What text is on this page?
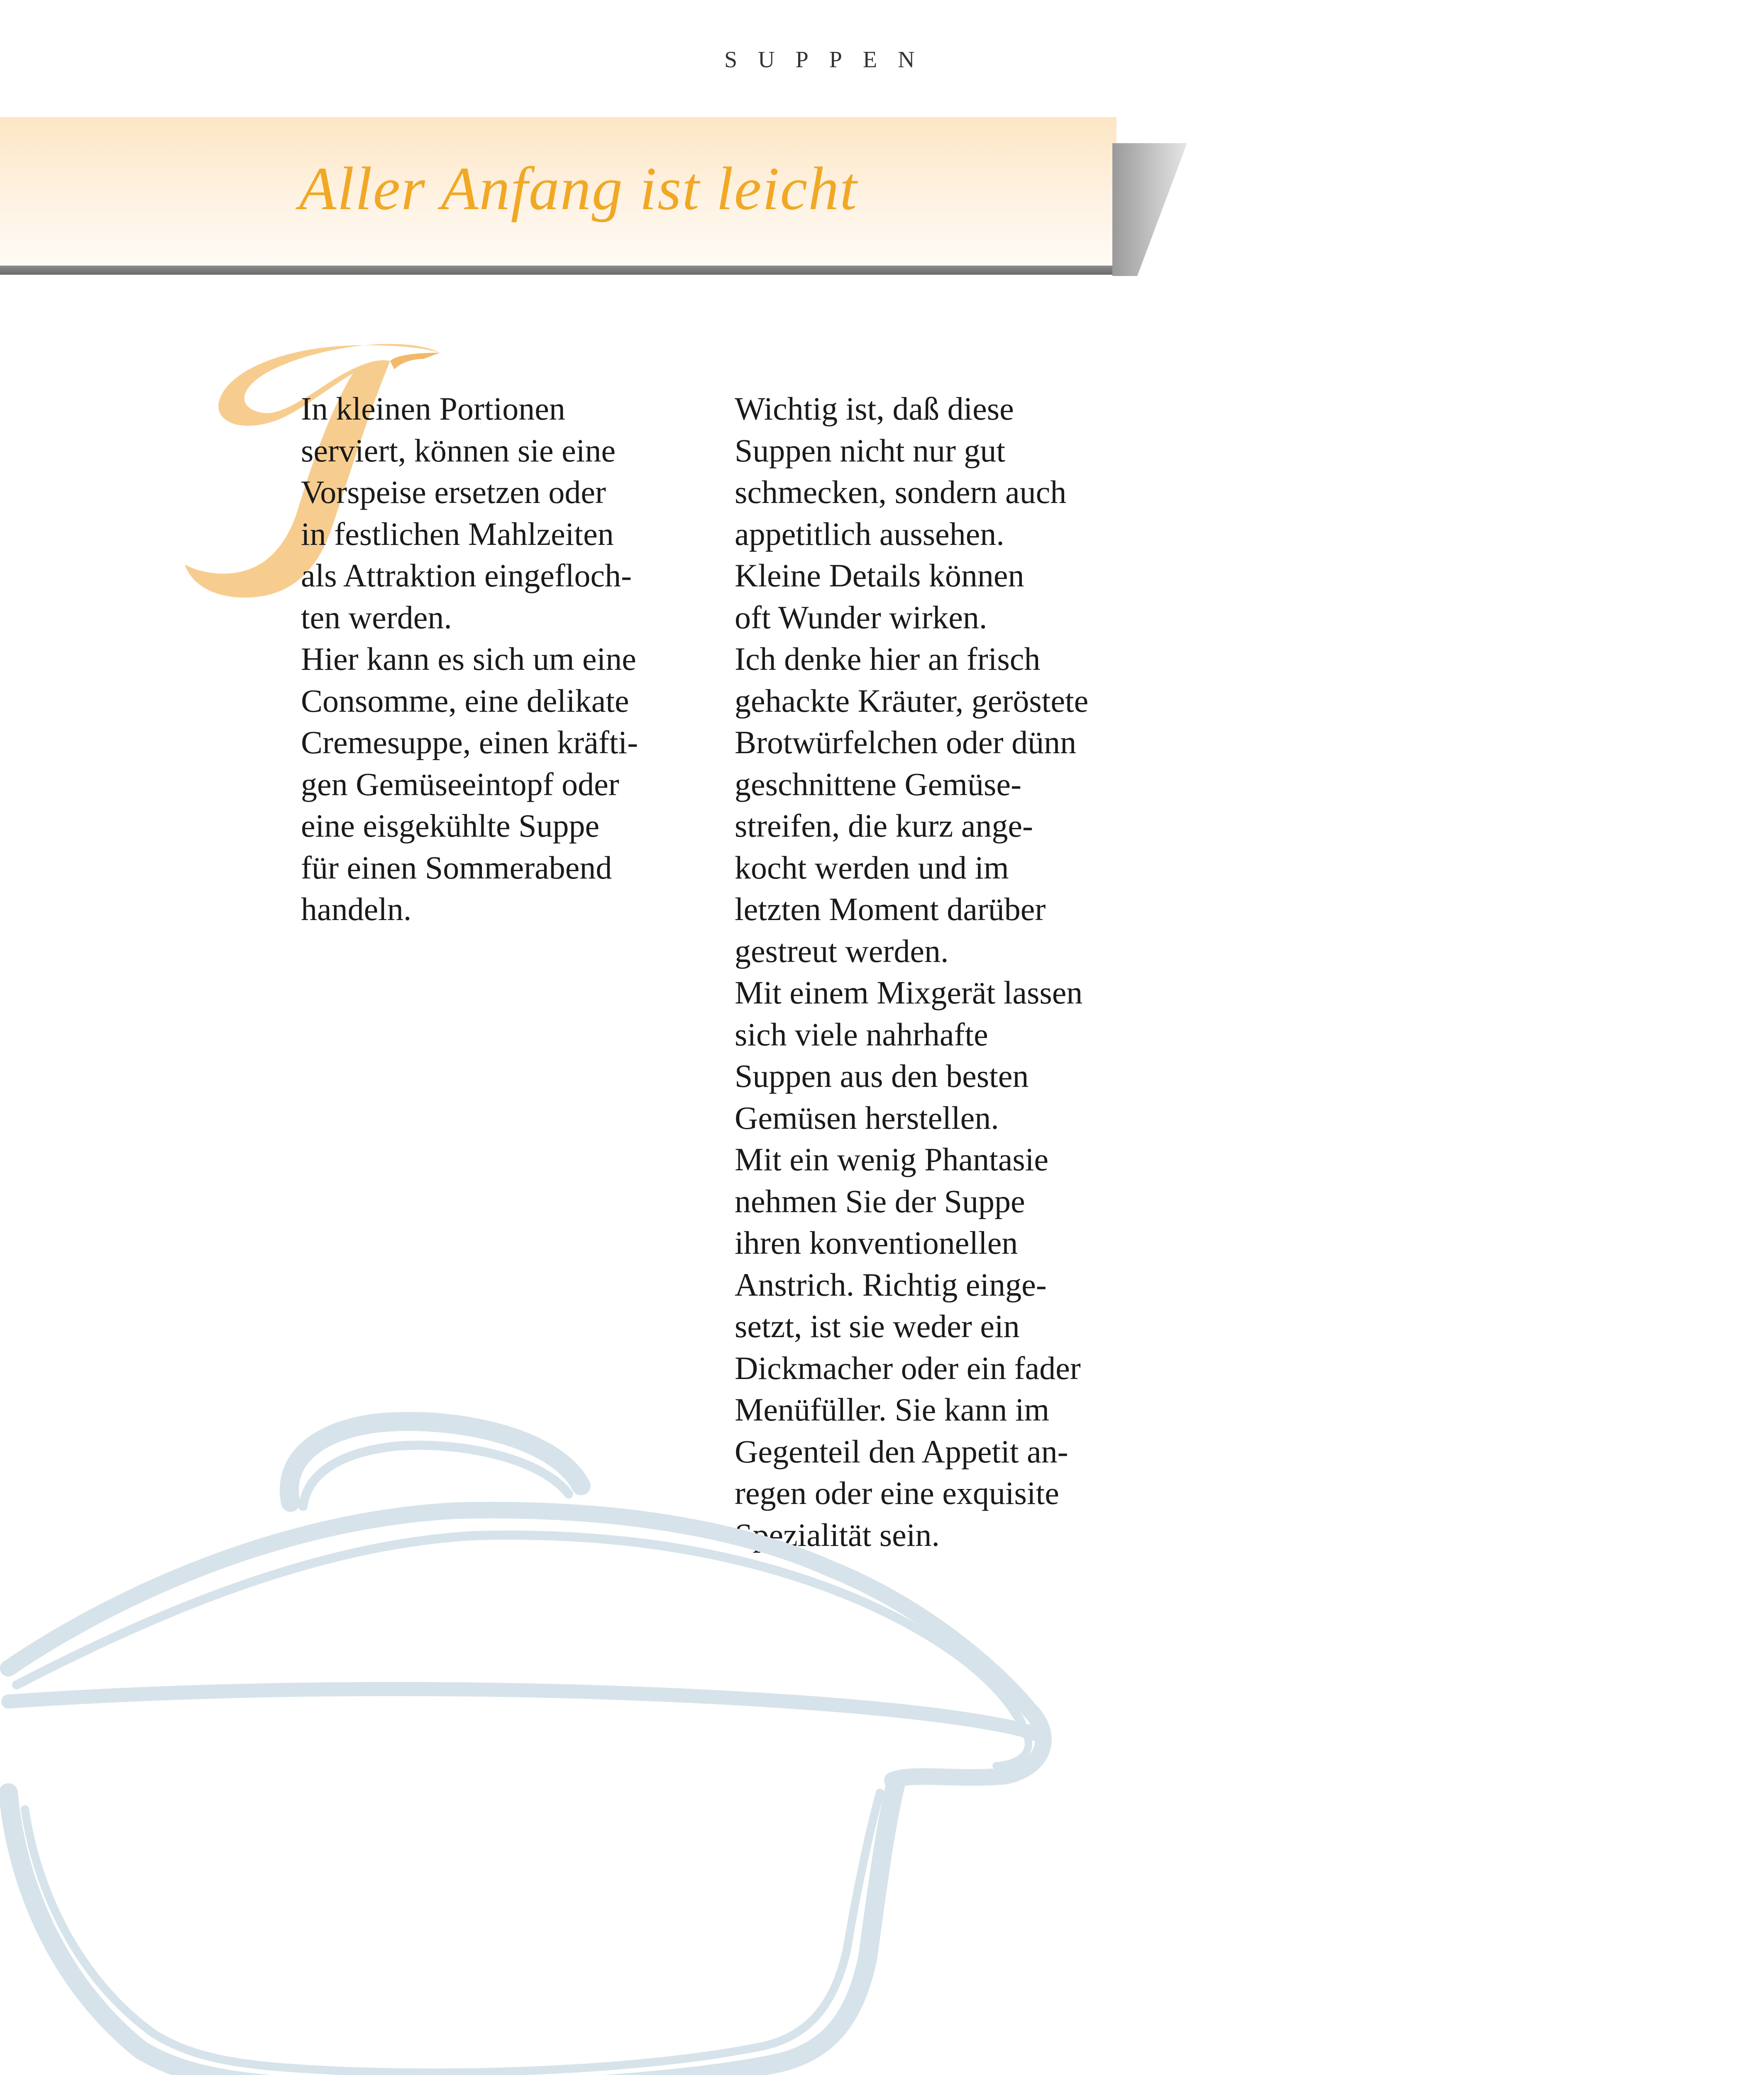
SUPPEN
Aller Anfang ist leicht
In kleinen Portionen
serviert, können sie eine
Vorspeise ersetzen oder
in festlichen Mahlzeiten
als Attraktion eingefloch-
ten werden.
Hier kann es sich um eine
Consomme, eine delikate
Cremesuppe, einen kräfti-
gen Gemüseeintopf oder
eine eisgekühlte Suppe
für einen Sommerabend
handeln.
Wichtig ist, daß diese
Suppen nicht nur gut
schmecken, sondern auch
appetitlich aussehen.
Kleine Details können
oft Wunder wirken.
Ich denke hier an frisch
gehackte Kräuter, geröstete
Brotwürfelchen oder dünn
geschnittene Gemüse-
streifen, die kurz ange-
kocht werden und im
letzten Moment darüber
gestreut werden.
Mit einem Mixgerät lassen
sich viele nahrhafte
Suppen aus den besten
Gemüsen herstellen.
Mit ein wenig Phantasie
nehmen Sie der Suppe
ihren konventionellen
Anstrich. Richtig einge-
setzt, ist sie weder ein
Dickmacher oder ein fader
Menüfüller. Sie kann im
Gegenteil den Appetit an-
regen oder eine exquisite
Spezialität sein.
